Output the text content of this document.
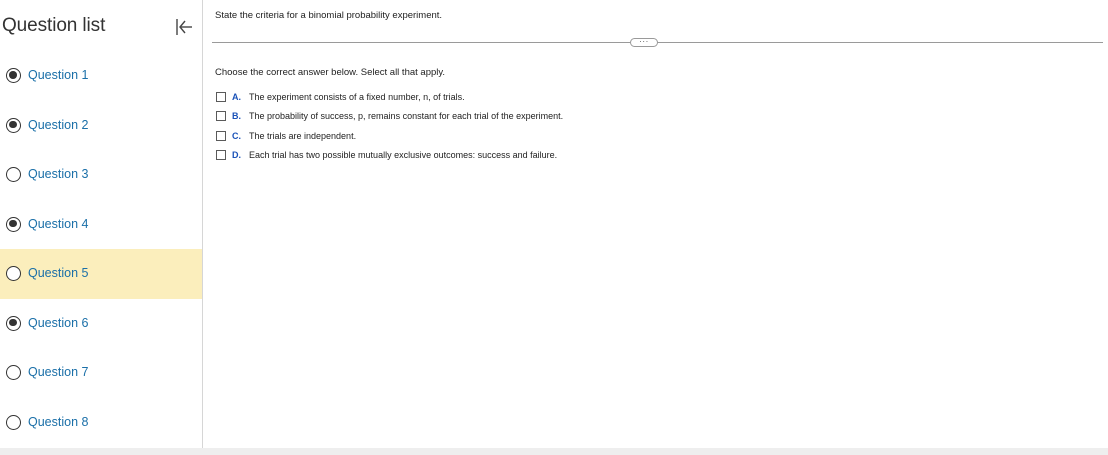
Question list
Question 1
Question 2
Question 3
Question 4
Question 5
Question 6
Question 7
Question 8
State the criteria for a binomial probability experiment.
···
Choose the correct answer below. Select all that apply.
A. The experiment consists of a fixed number, n, of trials.
B. The probability of success, p, remains constant for each trial of the experiment.
C. The trials are independent.
D. Each trial has two possible mutually exclusive outcomes: success and failure.
